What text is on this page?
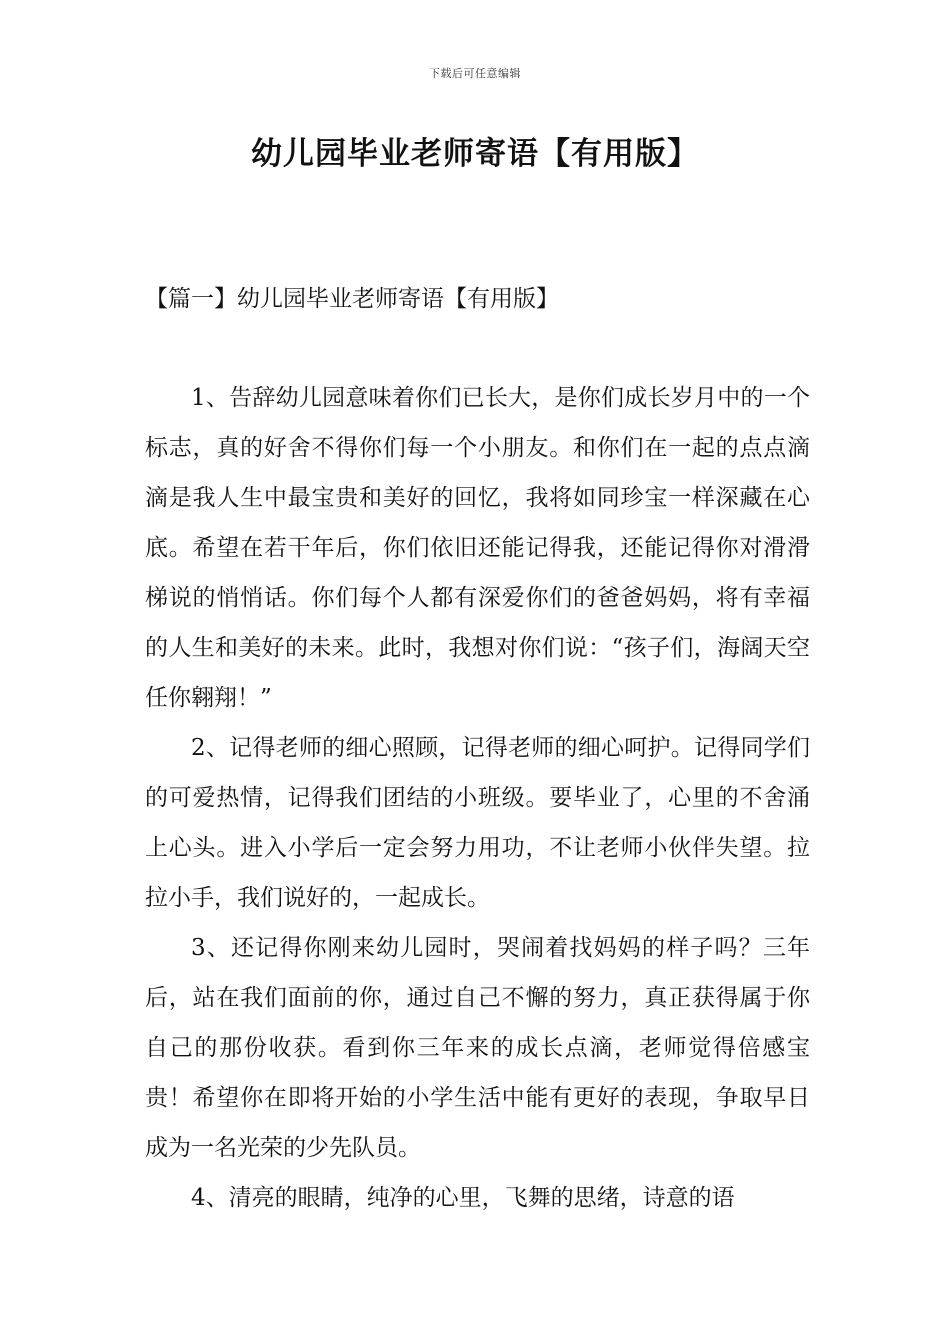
下载后可任意编辑
幼儿园毕业老师寄语【有用版】
【篇一】幼儿园毕业老师寄语【有用版】

1、告辞幼儿园意味着你们已长大，是你们成长岁月中的一个标志，真的好舍不得你们每一个小朋友。和你们在一起的点点滴滴是我人生中最宝贵和美好的回忆，我将如同珍宝一样深藏在心底。希望在若干年后，你们依旧还能记得我，还能记得你对滑滑梯说的悄悄话。你们每个人都有深爱你们的爸爸妈妈，将有幸福的人生和美好的未来。此时，我想对你们说：“孩子们，海阔天空任你翱翔！”

2、记得老师的细心照顾，记得老师的细心呵护。记得同学们的可爱热情，记得我们团结的小班级。要毕业了，心里的不舍涌上心头。进入小学后一定会努力用功，不让老师小伙伴失望。拉拉小手，我们说好的，一起成长。

3、还记得你刚来幼儿园时，哭闹着找妈妈的样子吗？三年后，站在我们面前的你，通过自己不懈的努力，真正获得属于你自己的那份收获。看到你三年来的成长点滴，老师觉得倍感宝贵！希望你在即将开始的小学生活中能有更好的表现，争取早日成为一名光荣的少先队员。

4、清亮的眼睛，纯净的心里，飞舞的思绪，诗意的语
